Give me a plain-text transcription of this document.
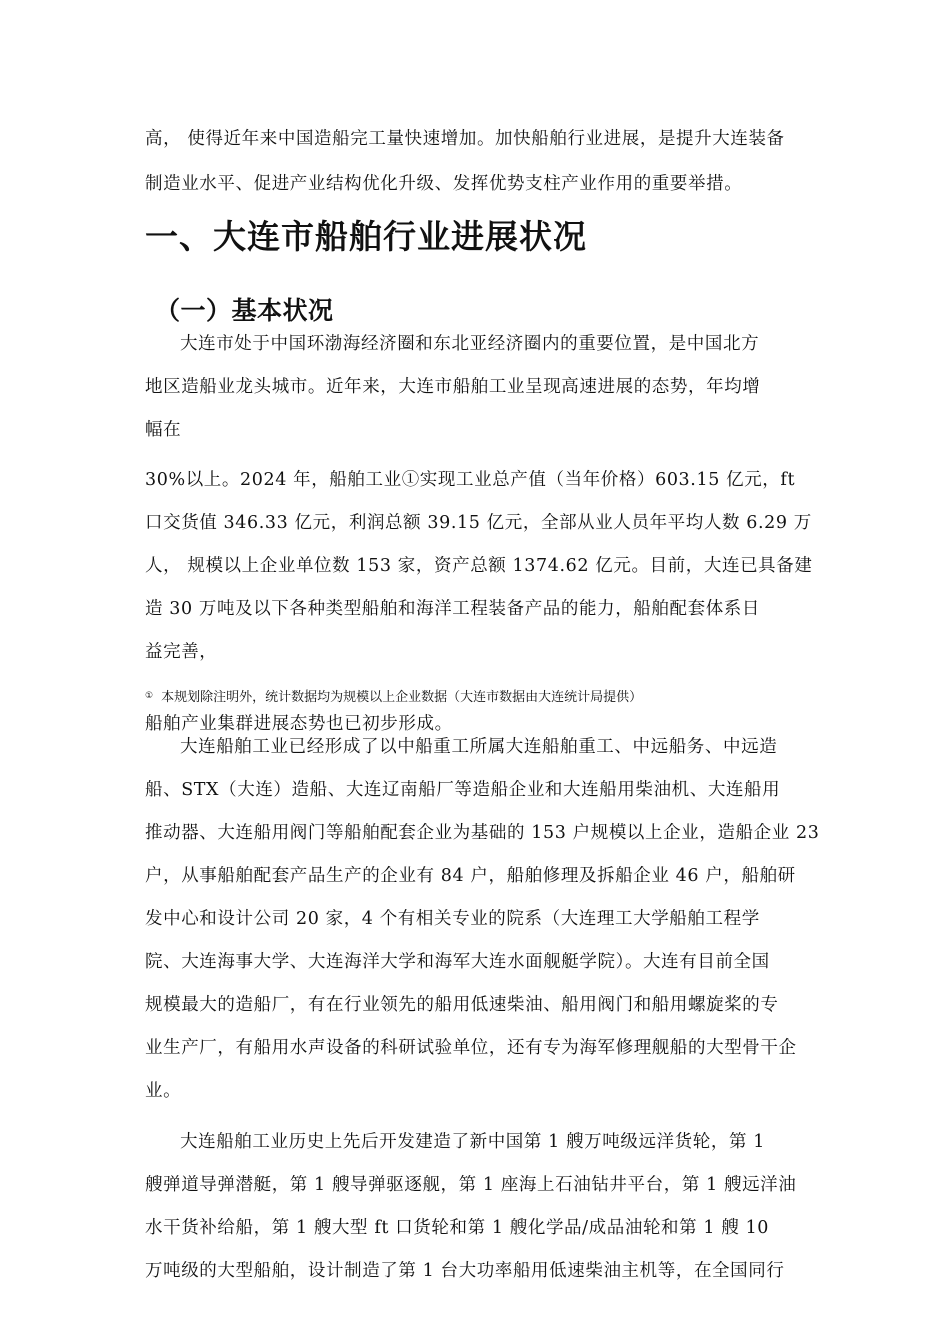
高， 使得近年来中国造船完工量快速增加。加快船舶行业进展，是提升大连装备

制造业水平、促进产业结构优化升级、发挥优势支柱产业作用的重要举措。

一、大连市船舶行业进展状况
（一）基本状况

大连市处于中国环渤海经济圈和东北亚经济圈内的重要位置，是中国北方

地区造船业龙头城市。近年来，大连市船舶工业呈现高速进展的态势，年均增

幅在

30%以上。2024 年，船舶工业①实现工业总产值（当年价格）603.15 亿元，ft

口交货值 346.33 亿元，利润总额 39.15 亿元，全部从业人员年平均人数 6.29 万

人， 规模以上企业单位数 153 家，资产总额 1374.62 亿元。目前，大连已具备建

造 30 万吨及以下各种类型船舶和海洋工程装备产品的能力，船舶配套体系日

益完善，

① 本规划除注明外，统计数据均为规模以上企业数据（大连市数据由大连统计局提供）

船舶产业集群进展态势也已初步形成。

大连船舶工业已经形成了以中船重工所属大连船舶重工、中远船务、中远造

船、STX（大连）造船、大连辽南船厂等造船企业和大连船用柴油机、大连船用

推动器、大连船用阀门等船舶配套企业为基础的 153 户规模以上企业，造船企业 23

户，从事船舶配套产品生产的企业有 84 户，船舶修理及拆船企业 46 户，船舶研

发中心和设计公司 20 家，4 个有相关专业的院系（大连理工大学船舶工程学

院、大连海事大学、大连海洋大学和海军大连水面舰艇学院）。大连有目前全国

规模最大的造船厂，有在行业领先的船用低速柴油、船用阀门和船用螺旋桨的专

业生产厂，有船用水声设备的科研试验单位，还有专为海军修理舰船的大型骨干企

业。

大连船舶工业历史上先后开发建造了新中国第 1 艘万吨级远洋货轮，第 1

艘弹道导弹潜艇，第 1 艘导弹驱逐舰，第 1 座海上石油钻井平台，第 1 艘远洋油

水干货补给船，第 1 艘大型 ft 口货轮和第 1 艘化学品/成品油轮和第 1 艘 10

万吨级的大型船舶，设计制造了第 1 台大功率船用低速柴油主机等，在全国同行
